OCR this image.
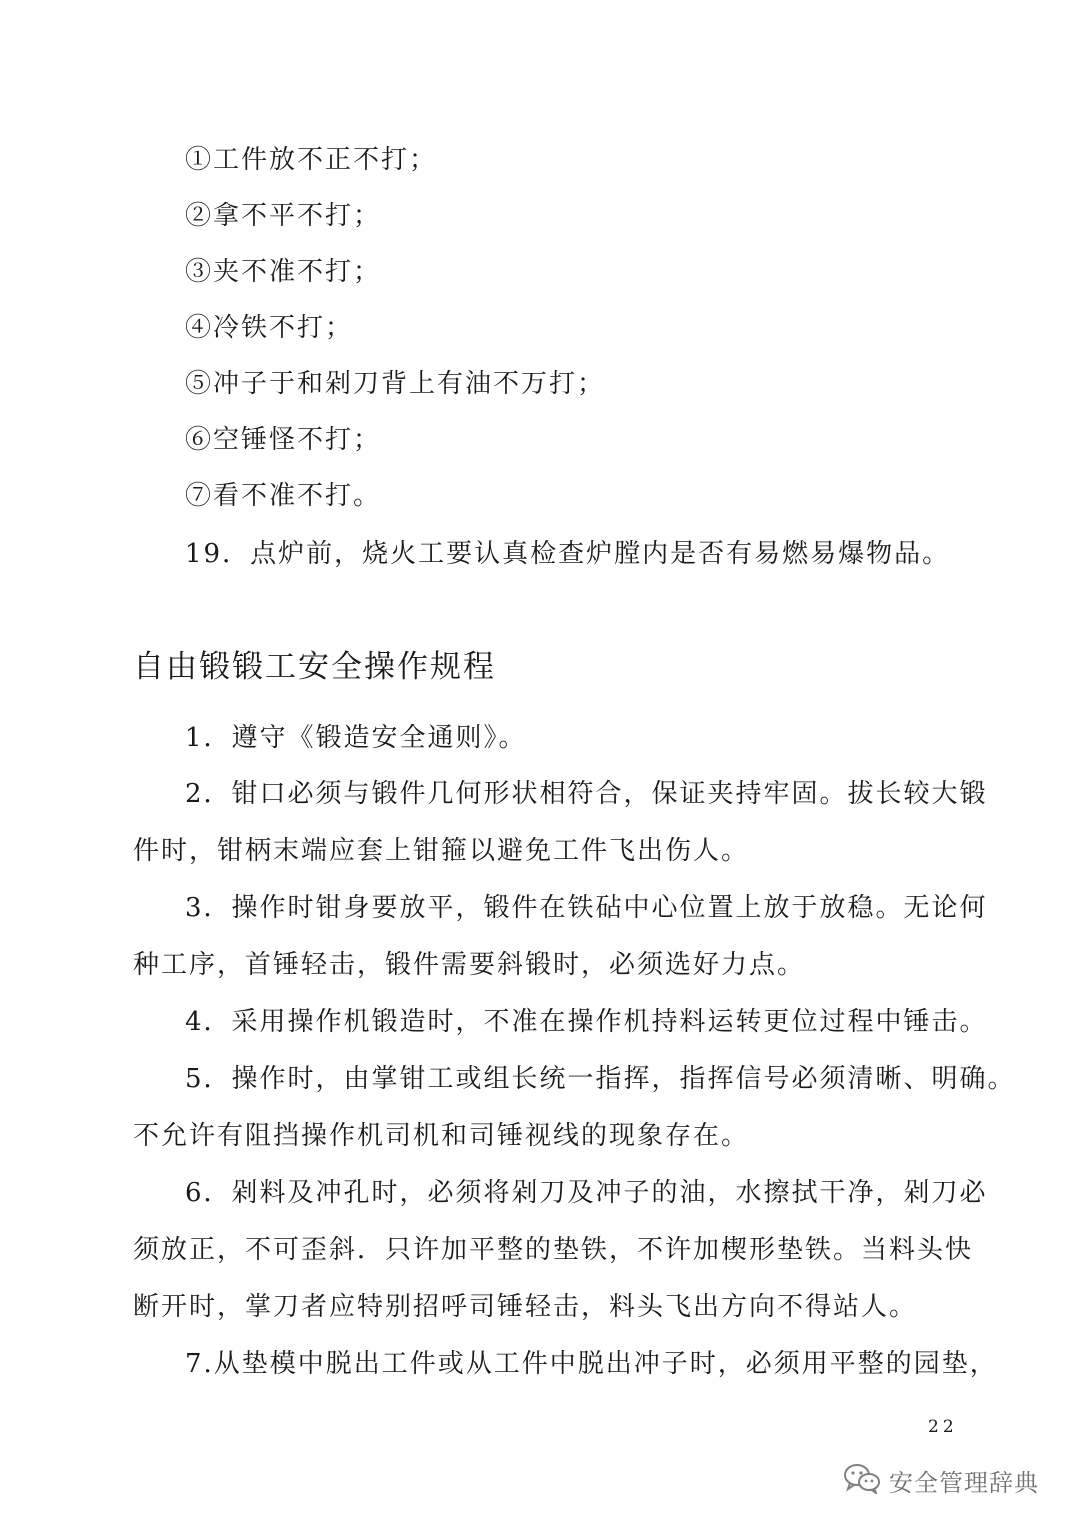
①工件放不正不打；
②拿不平不打；
③夹不准不打；
④冷铁不打；
⑤冲子于和剁刀背上有油不万打；
⑥空锤怪不打；
⑦看不准不打。
19．点炉前，烧火工要认真检查炉膛内是否有易燃易爆物品。
自由锻锻工安全操作规程
1．遵守《锻造安全通则》。
2．钳口必须与锻件几何形状相符合，保证夹持牢固。拔长较大锻
件时，钳柄末端应套上钳箍以避免工件飞出伤人。
3．操作时钳身要放平，锻件在铁砧中心位置上放于放稳。无论何
种工序，首锤轻击，锻件需要斜锻时，必须选好力点。
4．采用操作机锻造时，不准在操作机持料运转更位过程中锤击。
5．操作时，由掌钳工或组长统一指挥，指挥信号必须清晰、明确。
不允许有阻挡操作机司机和司锤视线的现象存在。
6．剁料及冲孔时，必须将剁刀及冲子的油，水擦拭干净，剁刀必
须放正，不可歪斜．只许加平整的垫铁，不许加楔形垫铁。当料头快
断开时，掌刀者应特别招呼司锤轻击，料头飞出方向不得站人。
7.从垫模中脱出工件或从工件中脱出冲子时，必须用平整的园垫，
22
安全管理辞典
